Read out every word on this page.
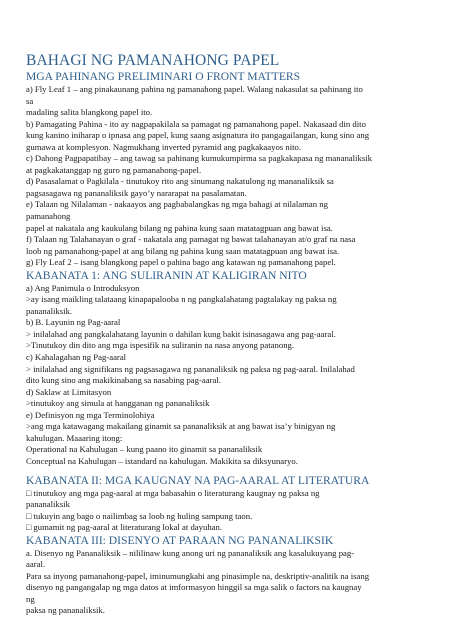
BAHAGI NG PAMANAHONG PAPEL
MGA PAHINANG PRELIMINARI O FRONT MATTERS
a) Fly Leaf 1 – ang pinakaunang pahina ng pamanahong papel. Walang nakasulat sa pahinang ito
sa
madaling salita blangkong papel ito.
b) Pamagating Pahina - ito ay nagpapakilala sa pamagat ng pamanahong papel. Nakasaad din dito
kung kanino iniharap o ipnasa ang papel, kung saang asignatura ito pangagailangan, kung sino ang
gumawa at komplesyon. Nagmukhang inverted pyramid ang pagkakaayos nito.
c) Dahong Pagpapatibay – ang tawag sa pahinang kumukumpirma sa pagkakapasa ng mananaliksik
at pagkakatanggap ng guro ng pamanahong-papel.
d) Pasasalamat o Pagkilala - tinutukoy rito ang sinumang nakatulong ng mananaliksik sa
pagsasagawa ng pananaliksik gayo’y nararapat na pasalamatan.
e) Talaan ng Nilalaman - nakaayos ang pagbabalangkas ng mga bahagi at nilalaman ng
pamanahong
papel at nakatala ang kaukulang bilang ng pahina kung saan matatagpuan ang bawat isa.
f) Talaan ng Talahanayan o graf - nakatala ang pamagat ng bawat talahanayan at/o graf na nasa
loob ng pamanahong-papel at ang bilang ng pahina kung saan matatagpuan ang bawat isa.
g) Fly Leaf 2 – isang blangkong papel o pahina bago ang katawan ng pamanahong papel.
KABANATA 1: ANG SULIRANIN AT KALIGIRAN NITO
a) Ang Panimula o Introduksyon
>ay isang maikling talataang kinapapalooba n ng pangkalahatang pagtalakay ng paksa ng
pananaliksik.
b) B. Layunin ng Pag-aaral
> inilalahad ang pangkalahatang layunin o dahilan kung bakit isinasagawa ang pag-aaral.
>Tinutukoy din dito ang mga ispesifik na suliranin na nasa anyong patanong.
c) Kahalagahan ng Pag-aaral
> inilalahad ang signifikans ng pagsasagawa ng pananaliksik ng paksa ng pag-aaral. Inilalahad
dito kung sino ang makikinabang sa nasabing pag-aaral.
d) Saklaw at Limitasyon
>tinutukoy ang simula at hangganan ng pananaliksik
e) Definisyon ng mga Terminolohiya
>ang mga katawagang makailang ginamit sa pananaliksik at ang bawat isa’y binigyan ng
kahulugan. Maaaring itong:
Operational na Kahulugan – kung paano ito ginamit sa pananaliksik
Conceptual na Kahulugan – istandard na kahulugan. Makikita sa diksyunaryo.
KABANATA II: MGA KAUGNAY NA PAG-AARAL AT LITERATURA
□ tinutukoy ang mga pag-aaral at mga babasahin o literaturang kaugnay ng paksa ng
pananaliksik
□ tukuyin ang bago o nailimbag sa loob ng huling sampung taon.
□ gumamit ng pag-aaral at literaturang lokal at dayuhan.
KABANATA III: DISENYO AT PARAAN NG PANANALIKSIK
a. Disenyo ng Pananaliksik – nililinaw kung anong uri ng pananaliksik ang kasalukuyang pag-
aaral.
Para sa inyong pamanahong-papel, iminumungkahi ang pinasimple na, deskriptiv-analitik na isang
disenyo ng pangangalap ng mga datos at imformasyon hinggil sa mga salik o factors na kaugnay
ng
paksa ng pananaliksik.
